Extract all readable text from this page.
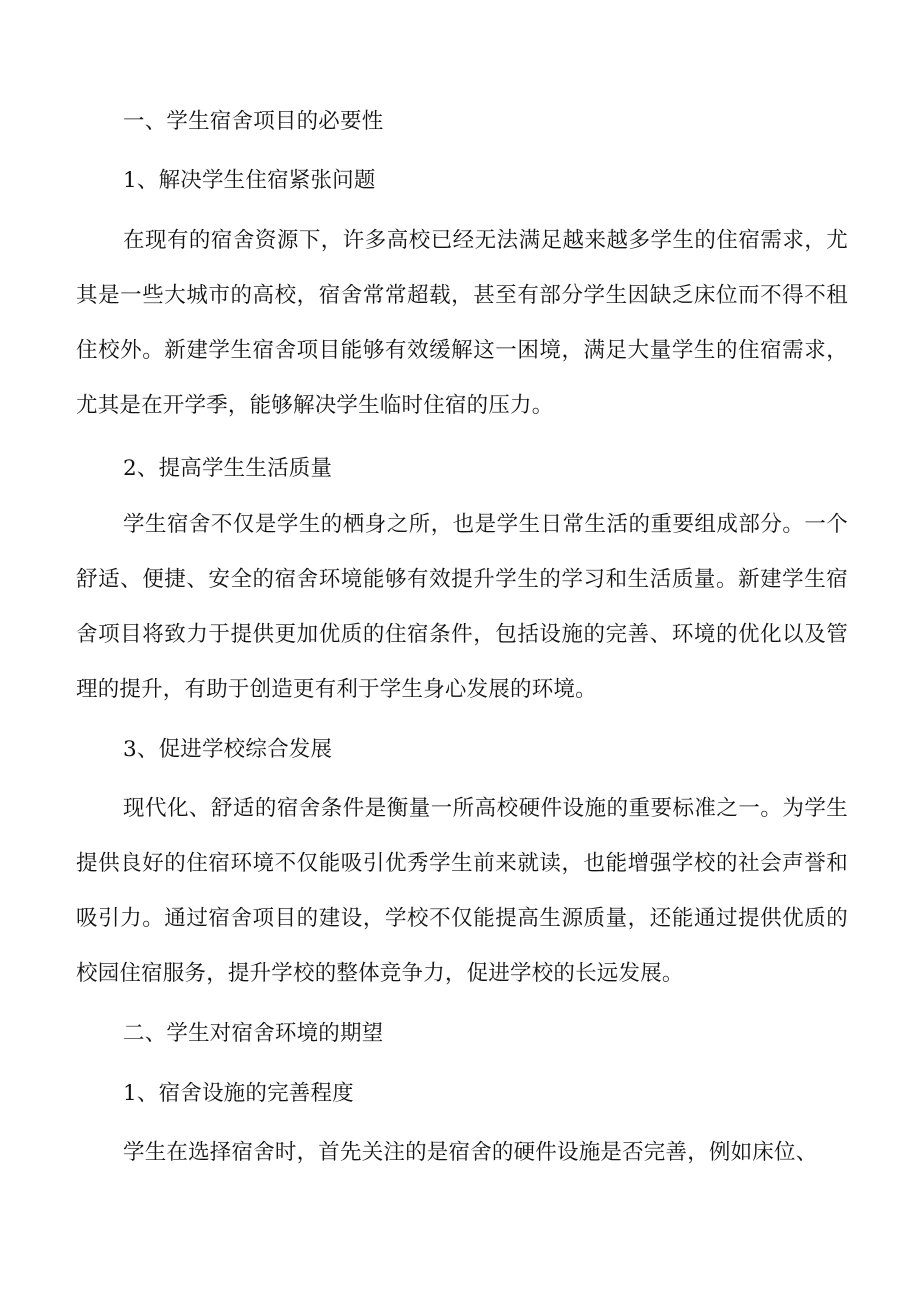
一、学生宿舍项目的必要性

1、解决学生住宿紧张问题

在现有的宿舍资源下，许多高校已经无法满足越来越多学生的住宿需求，尤其是一些大城市的高校，宿舍常常超载，甚至有部分学生因缺乏床位而不得不租住校外。新建学生宿舍项目能够有效缓解这一困境，满足大量学生的住宿需求，尤其是在开学季，能够解决学生临时住宿的压力。

2、提高学生生活质量

学生宿舍不仅是学生的栖身之所，也是学生日常生活的重要组成部分。一个舒适、便捷、安全的宿舍环境能够有效提升学生的学习和生活质量。新建学生宿舍项目将致力于提供更加优质的住宿条件，包括设施的完善、环境的优化以及管理的提升，有助于创造更有利于学生身心发展的环境。

3、促进学校综合发展

现代化、舒适的宿舍条件是衡量一所高校硬件设施的重要标准之一。为学生提供良好的住宿环境不仅能吸引优秀学生前来就读，也能增强学校的社会声誉和吸引力。通过宿舍项目的建设，学校不仅能提高生源质量，还能通过提供优质的校园住宿服务，提升学校的整体竞争力，促进学校的长远发展。

二、学生对宿舍环境的期望

1、宿舍设施的完善程度

学生在选择宿舍时，首先关注的是宿舍的硬件设施是否完善，例如床位、
